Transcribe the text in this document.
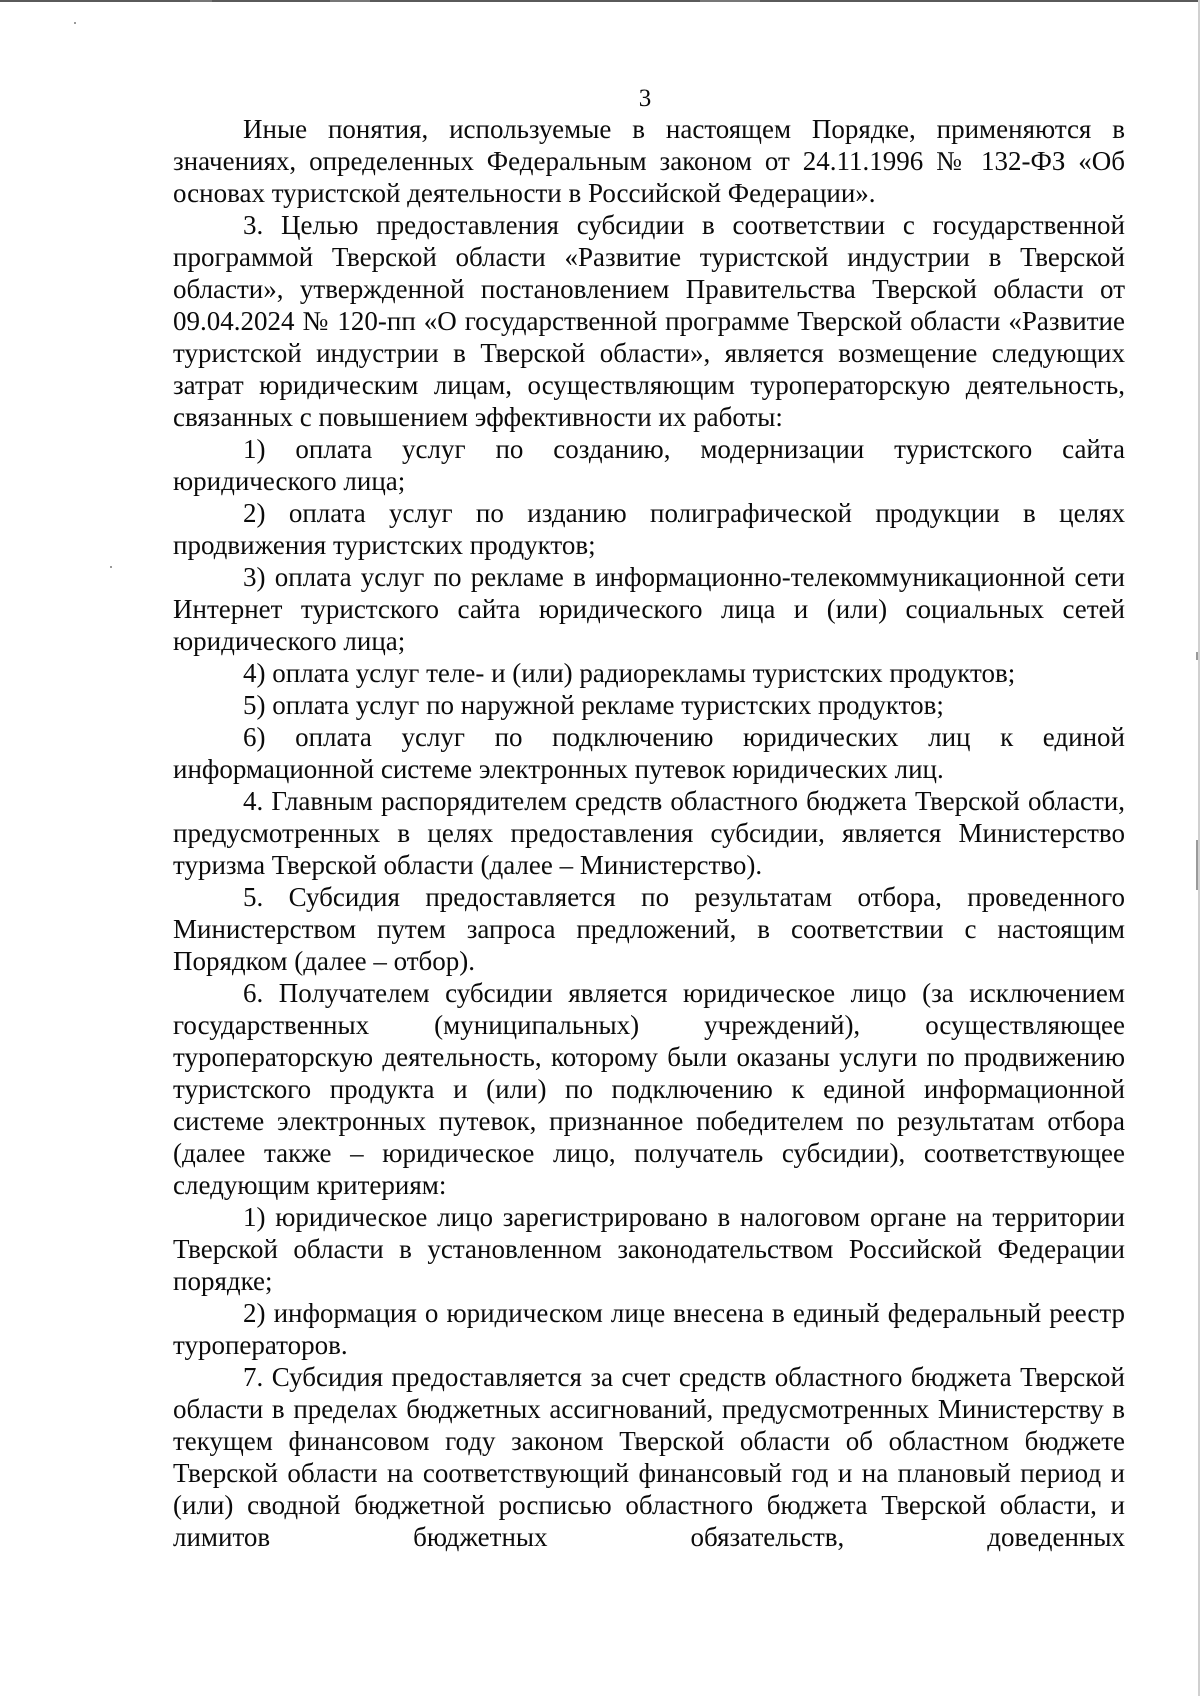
3

Иные понятия, используемые в настоящем Порядке, применяются в значениях, определенных Федеральным законом от 24.11.1996 № 132-ФЗ «Об основах туристской деятельности в Российской Федерации».

3. Целью предоставления субсидии в соответствии с государственной программой Тверской области «Развитие туристской индустрии в Тверской области», утвержденной постановлением Правительства Тверской области от 09.04.2024 № 120-пп «О государственной программе Тверской области «Развитие туристской индустрии в Тверской области», является возмещение следующих затрат юридическим лицам, осуществляющим туроператорскую деятельность, связанных с повышением эффективности их работы:

1) оплата услуг по созданию, модернизации туристского сайта юридического лица;

2) оплата услуг по изданию полиграфической продукции в целях продвижения туристских продуктов;

3) оплата услуг по рекламе в информационно-телекоммуникационной сети Интернет туристского сайта юридического лица и (или) социальных сетей юридического лица;

4) оплата услуг теле- и (или) радиорекламы туристских продуктов;

5) оплата услуг по наружной рекламе туристских продуктов;

6) оплата услуг по подключению юридических лиц к единой информационной системе электронных путевок юридических лиц.

4. Главным распорядителем средств областного бюджета Тверской области, предусмотренных в целях предоставления субсидии, является Министерство туризма Тверской области (далее – Министерство).

5. Субсидия предоставляется по результатам отбора, проведенного Министерством путем запроса предложений, в соответствии с настоящим Порядком (далее – отбор).

6. Получателем субсидии является юридическое лицо (за исключением государственных (муниципальных) учреждений), осуществляющее туроператорскую деятельность, которому были оказаны услуги по продвижению туристского продукта и (или) по подключению к единой информационной системе электронных путевок, признанное победителем по результатам отбора (далее также – юридическое лицо, получатель субсидии), соответствующее следующим критериям:

1) юридическое лицо зарегистрировано в налоговом органе на территории Тверской области в установленном законодательством Российской Федерации порядке;

2) информация о юридическом лице внесена в единый федеральный реестр туроператоров.

7. Субсидия предоставляется за счет средств областного бюджета Тверской области в пределах бюджетных ассигнований, предусмотренных Министерству в текущем финансовом году законом Тверской области об областном бюджете Тверской области на соответствующий финансовый год и на плановый период и (или) сводной бюджетной росписью областного бюджета Тверской области, и лимитов бюджетных обязательств, доведенных
